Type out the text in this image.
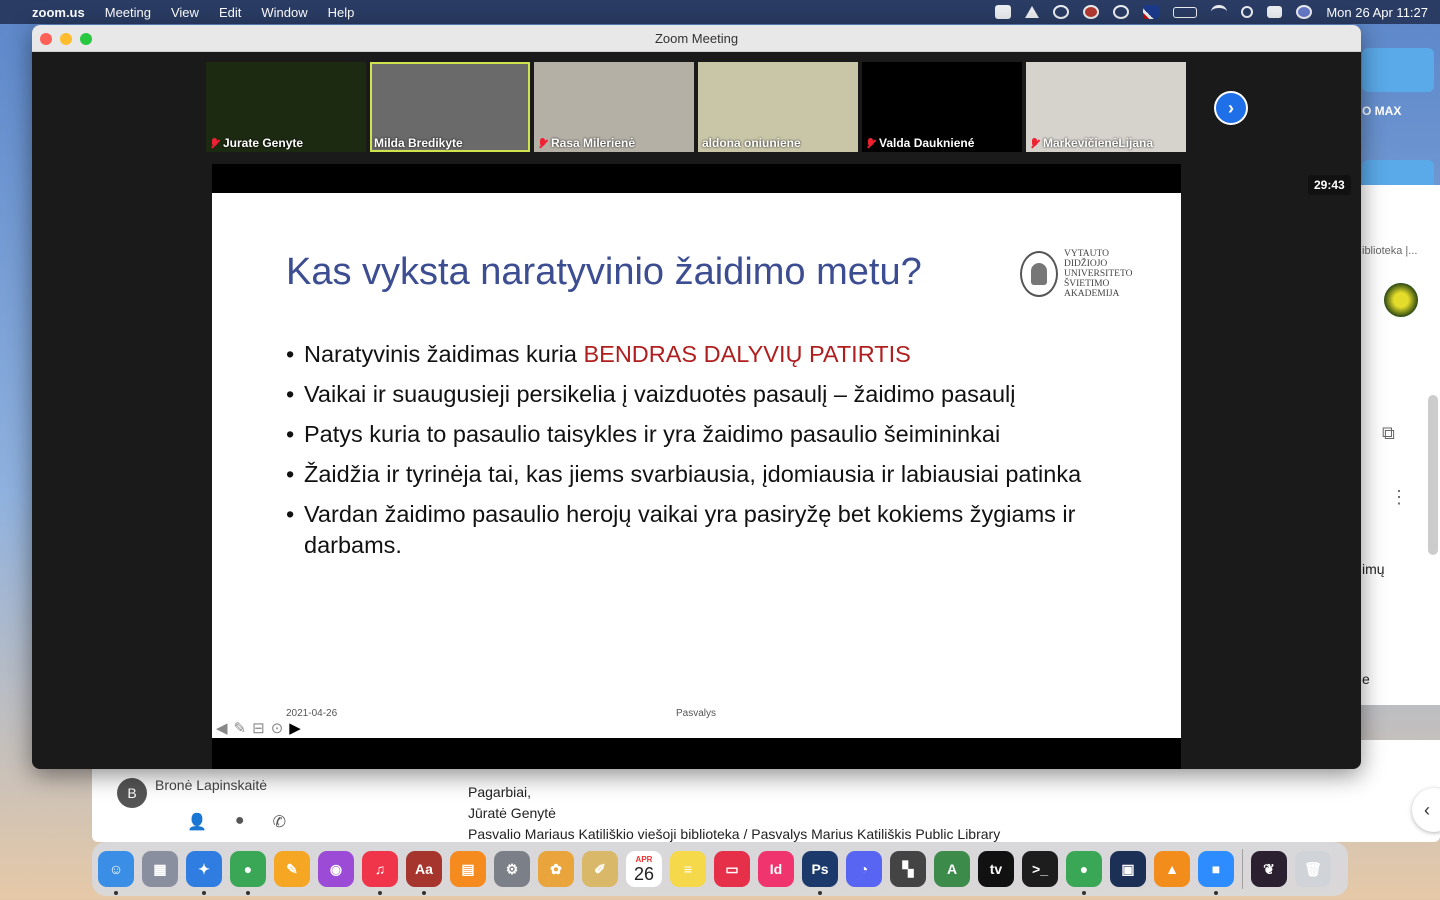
zoom.us Meeting View Edit Window Help	Mon 26 Apr 11:27
O MAX
iblioteka |...
⧉
⋮
imų
e
B	Bronė Lapinskaitė
👤 ● ✆
Pagarbiai,
Jūratė Genytė
Pasvalio Mariaus Katiliškio viešoji biblioteka / Pasvalys Marius Katiliškis Public Library
‹
Zoom Meeting
Jurate Genyte	Milda Bredikyte	Rasa Milerienė	aldona oniuniene	Valda Daukniené	MarkevičienėLijana
›
29:43
Kas vyksta naratyvinio žaidimo metu?	VYTAUTO DIDŽIOJO UNIVERSITETO ŠVIETIMO AKADEMIJA
• Naratyvinis žaidimas kuria BENDRAS DALYVIŲ PATIRTIS
• Vaikai ir suaugusieji persikelia į vaizduotės pasaulį – žaidimo pasaulį
• Patys kuria to pasaulio taisykles ir yra žaidimo pasaulio šeimininkai
• Žaidžia ir tyrinėja tai, kas jiems svarbiausia, įdomiausia ir labiausiai patinka
• Vardan žaidimo pasaulio herojų vaikai yra pasiryžę bet kokiems žygiams ir darbams.
2021-04-26	Pasvalys
◀ ✎ ⊟ ⊙ ▶
☺	▦	✦	●	✎	◉	♫	Aa	▤	⚙	✿	✐
APR
26	≡	▭	Id	Ps	◔	▚	A	tv	>_	●	▣	▲	■	❦	🗑
